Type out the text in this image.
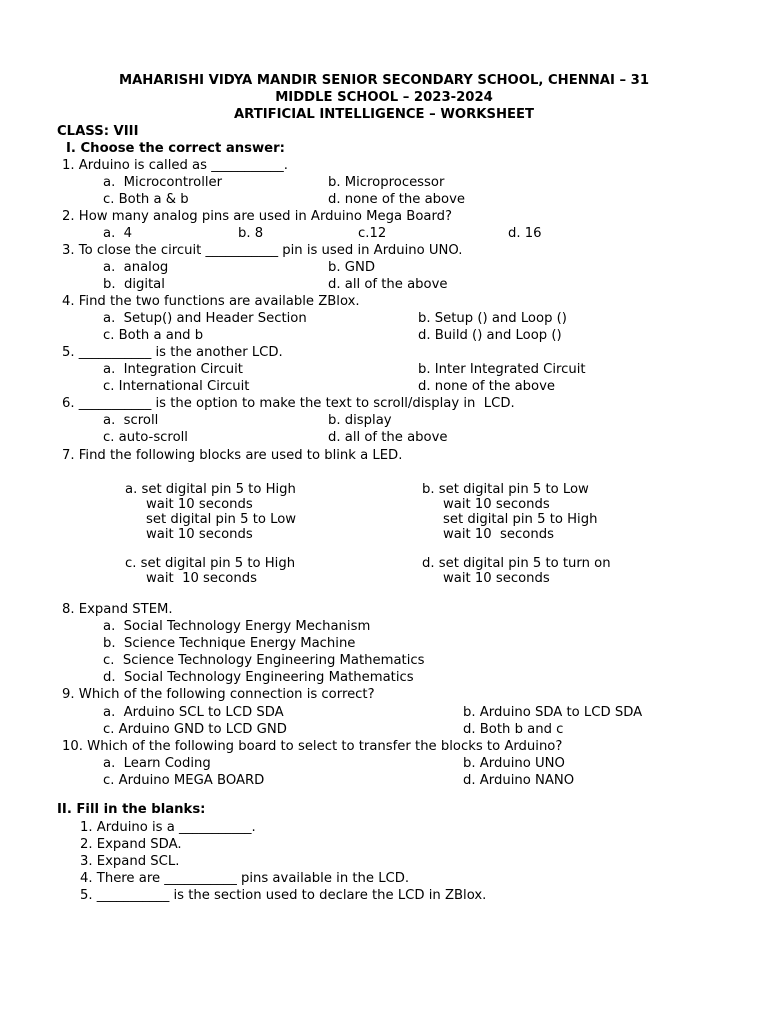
MAHARISHI VIDYA MANDIR SENIOR SECONDARY SCHOOL, CHENNAI – 31
MIDDLE SCHOOL – 2023-2024
ARTIFICIAL INTELLIGENCE – WORKSHEET
CLASS: VIII
I. Choose the correct answer:
1. Arduino is called as ___________.
a.  Microcontroller	b. Microprocessor
c. Both a & b	d. none of the above
2. How many analog pins are used in Arduino Mega Board?
a.  4	b. 8	c.12	d. 16
3. To close the circuit ___________ pin is used in Arduino UNO.
a.  analog	b. GND
b.  digital	d. all of the above
4. Find the two functions are available ZBlox.
a.  Setup() and Header Section	b. Setup () and Loop ()
c. Both a and b	d. Build () and Loop ()
5. ___________ is the another LCD.
a.  Integration Circuit	b. Inter Integrated Circuit
c. International Circuit	d. none of the above
6. ___________ is the option to make the text to scroll/display in  LCD.
a.  scroll	b. display
c. auto-scroll	d. all of the above
7. Find the following blocks are used to blink a LED.
a. set digital pin 5 to High
wait 10 seconds
set digital pin 5 to Low
wait 10 seconds
b. set digital pin 5 to Low
wait 10 seconds
set digital pin 5 to High
wait 10  seconds
c. set digital pin 5 to High
wait  10 seconds
d. set digital pin 5 to turn on
wait 10 seconds
8. Expand STEM.
a.  Social Technology Energy Mechanism
b.  Science Technique Energy Machine
c.  Science Technology Engineering Mathematics
d.  Social Technology Engineering Mathematics
9. Which of the following connection is correct?
a.  Arduino SCL to LCD SDA	b. Arduino SDA to LCD SDA
c. Arduino GND to LCD GND	d. Both b and c
10. Which of the following board to select to transfer the blocks to Arduino?
a.  Learn Coding	b. Arduino UNO
c. Arduino MEGA BOARD	d. Arduino NANO
II. Fill in the blanks:
1. Arduino is a ___________.
2. Expand SDA.
3. Expand SCL.
4. There are ___________ pins available in the LCD.
5. ___________ is the section used to declare the LCD in ZBlox.
